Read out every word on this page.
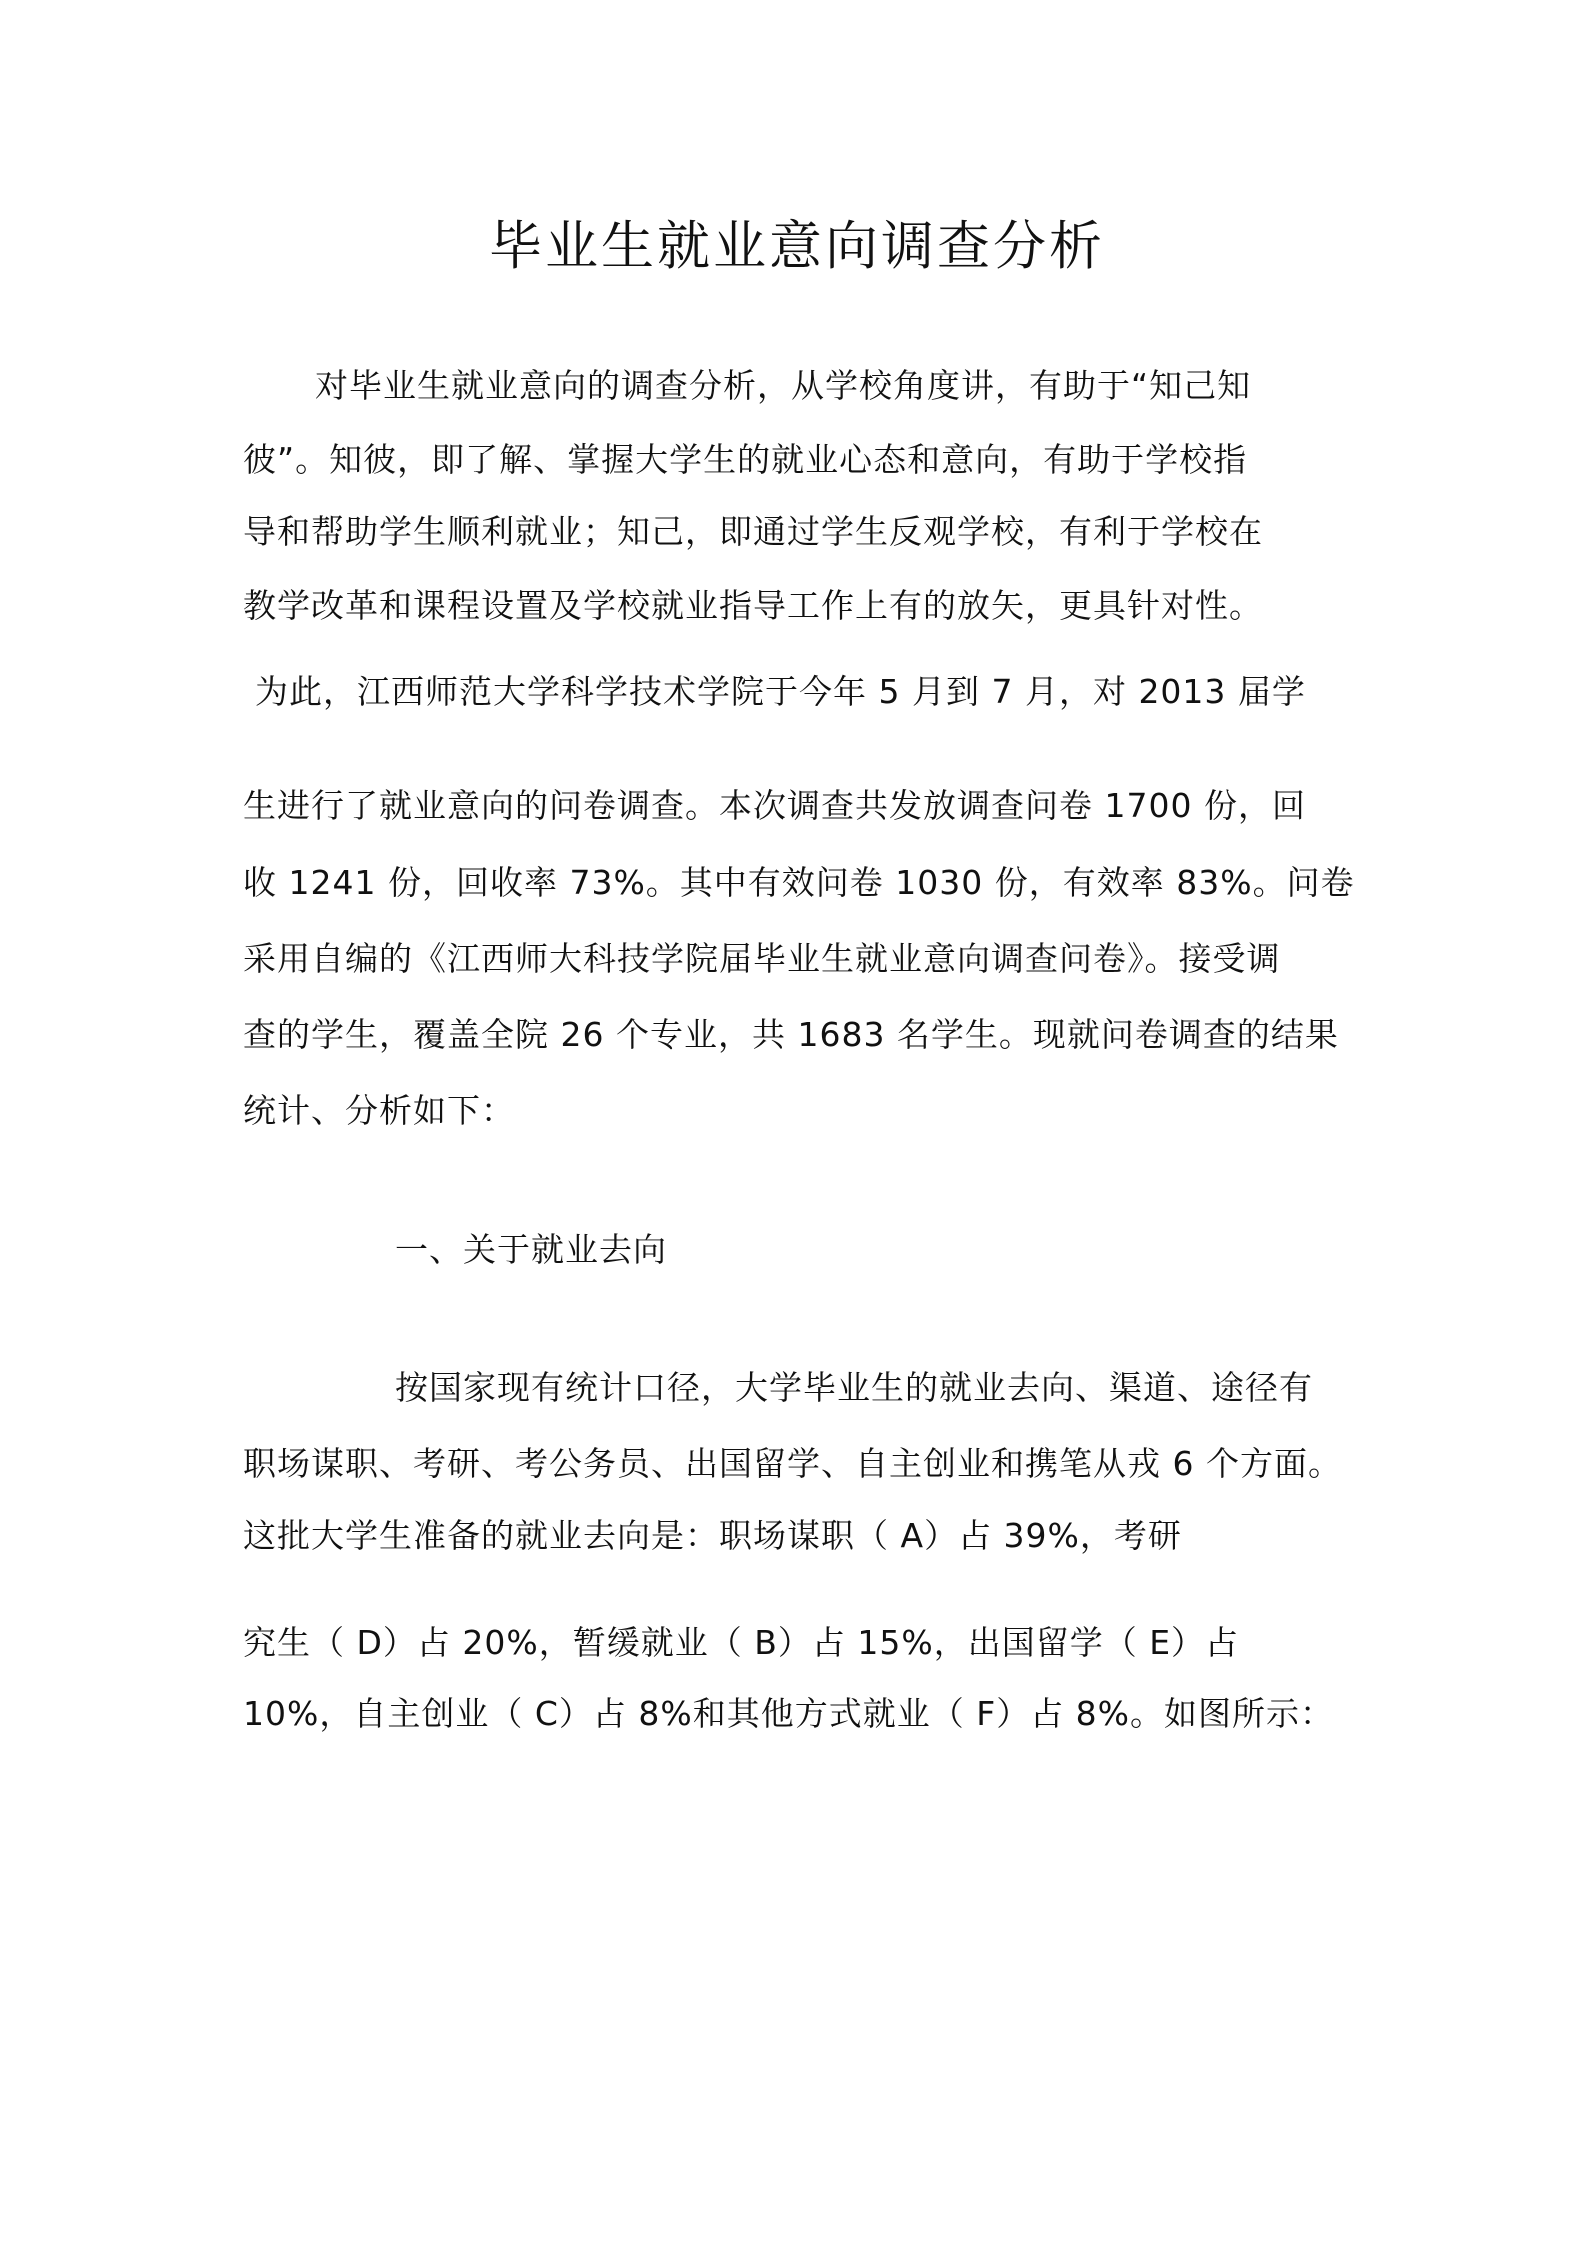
毕业生就业意向调查分析

对毕业生就业意向的调查分析，从学校角度讲，有助于“知己知

彼”。知彼，即了解、掌握大学生的就业心态和意向，有助于学校指

导和帮助学生顺利就业；知己，即通过学生反观学校，有利于学校在

教学改革和课程设置及学校就业指导工作上有的放矢，更具针对性。

为此，江西师范大学科学技术学院于今年 5 月到 7 月，对 2013 届学

生进行了就业意向的问卷调查。本次调查共发放调查问卷 1700 份，回

收 1241 份，回收率 73%。其中有效问卷 1030 份，有效率 83%。问卷

采用自编的《江西师大科技学院届毕业生就业意向调查问卷》。接受调

查的学生，覆盖全院 26 个专业，共 1683 名学生。现就问卷调查的结果

统计、分析如下：

一、关于就业去向

按国家现有统计口径，大学毕业生的就业去向、渠道、途径有

职场谋职、考研、考公务员、出国留学、自主创业和携笔从戎 6 个方面。

这批大学生准备的就业去向是：职场谋职（ A）占 39%，考研

究生（ D）占 20%，暂缓就业（ B）占 15%，出国留学（ E）占

10%，自主创业（ C）占 8%和其他方式就业（ F）占 8%。如图所示：
